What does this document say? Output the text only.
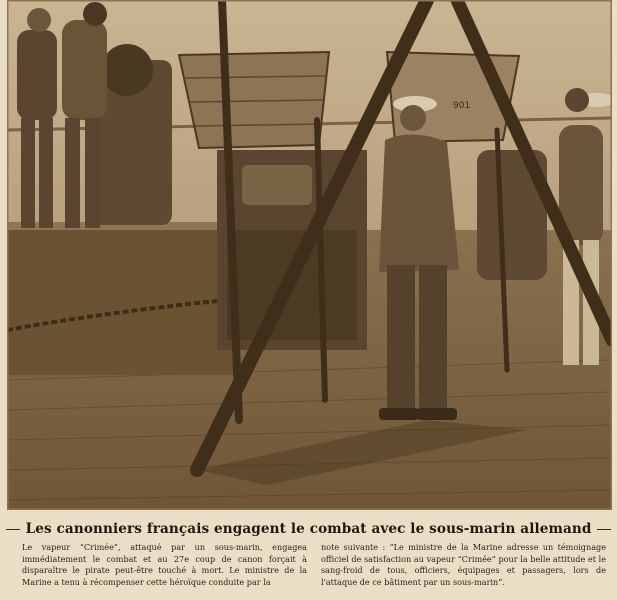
901
Les canonniers français engagent le combat avec le sous-marin allemand
Le vapeur “Crimée”, attaqué par un sous-marin, engagea immédiatement le combat et au 27e coup de canon forçait à disparaître le pirate peut-être touché à mort. Le ministre de la Marine a tenu à récompenser cette héroïque conduite par la
note suivante : “Le ministre de la Marine adresse un témoignage officiel de satisfaction au vapeur “Crimée” pour la belle attitude et le sang-froid de tous, officiers, équipages et passagers, lors de l'attaque de ce bâtiment par un sous-marin”.
